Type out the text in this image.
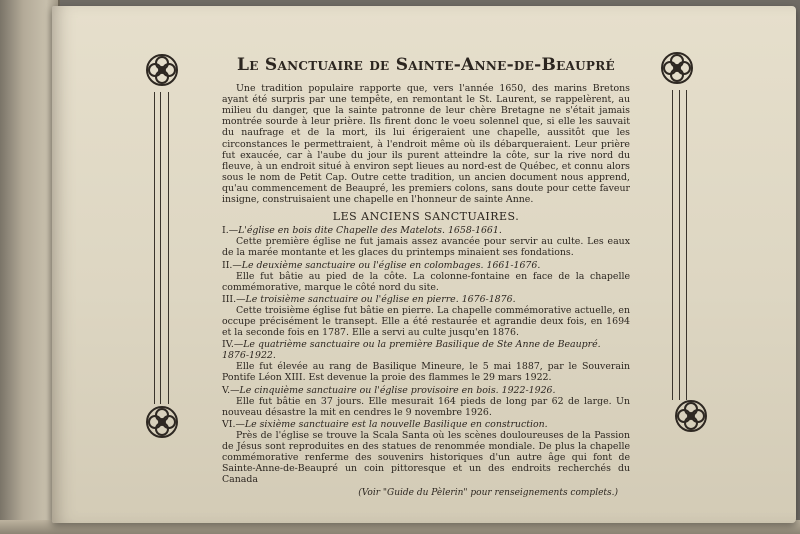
Le Sanctuaire de Sainte-Anne-de-Beaupré

Une tradition populaire rapporte que, vers l'année 1650, des marins Bretons ayant été surpris par une tempête, en remontant le St. Laurent, se rappelèrent, au milieu du danger, que la sainte patronne de leur chère Bretagne ne s'était jamais montrée sourde à leur prière. Ils firent donc le voeu solennel que, si elle les sauvait du naufrage et de la mort, ils lui érigeraient une chapelle, aussitôt que les circonstances le permettraient, à l'endroit même où ils débarqueraient. Leur prière fut exaucée, car à l'aube du jour ils purent atteindre la côte, sur la rive nord du fleuve, à un endroit situé à environ sept lieues au nord-est de Québec, et connu alors sous le nom de Petit Cap. Outre cette tradition, un ancien document nous apprend, qu'au commencement de Beaupré, les premiers colons, sans doute pour cette faveur insigne, construisaient une chapelle en l'honneur de sainte Anne.

LES ANCIENS SANCTUAIRES.

I.—L'église en bois dite Chapelle des Matelots. 1658-1661.

Cette première église ne fut jamais assez avancée pour servir au culte. Les eaux de la marée montante et les glaces du printemps minaient ses fondations.

II.—Le deuxième sanctuaire ou l'église en colombages. 1661-1676.

Elle fut bâtie au pied de la côte. La colonne-fontaine en face de la chapelle commémorative, marque le côté nord du site.

III.—Le troisième sanctuaire ou l'église en pierre. 1676-1876.

Cette troisième église fut bâtie en pierre. La chapelle commémorative actuelle, en occupe précisément le transept. Elle a été restaurée et agrandie deux fois, en 1694 et la seconde fois en 1787. Elle a servi au culte jusqu'en 1876.

IV.—Le quatrième sanctuaire ou la première Basilique de Ste Anne de Beaupré. 1876-1922.

Elle fut élevée au rang de Basilique Mineure, le 5 mai 1887, par le Souverain Pontife Léon XIII. Est devenue la proie des flammes le 29 mars 1922.

V.—Le cinquième sanctuaire ou l'église provisoire en bois. 1922-1926.

Elle fut bâtie en 37 jours. Elle mesurait 164 pieds de long par 62 de large. Un nouveau désastre la mit en cendres le 9 novembre 1926.

VI.—Le sixième sanctuaire est la nouvelle Basilique en construction.

Près de l'église se trouve la Scala Santa où les scènes douloureuses de la Passion de Jésus sont reproduites en des statues de renommée mondiale. De plus la chapelle commémorative renferme des souvenirs historiques d'un autre âge qui font de Sainte-Anne-de-Beaupré un coin pittoresque et un des endroits recherchés du Canada

(Voir "Guide du Pèlerin" pour renseignements complets.)
